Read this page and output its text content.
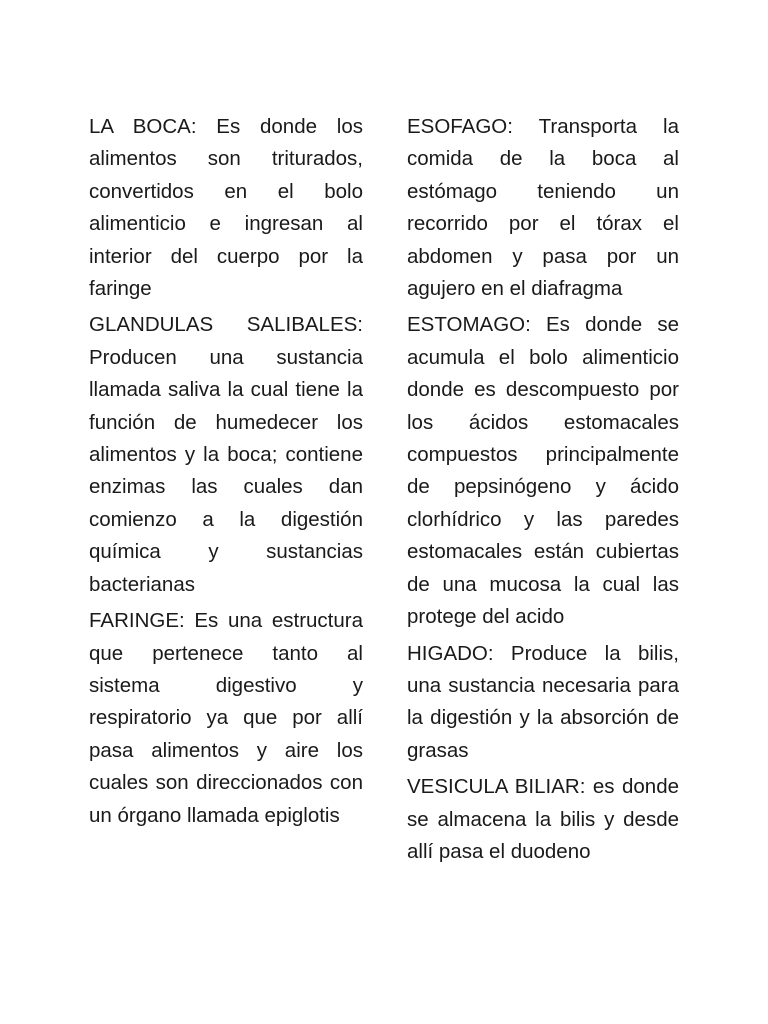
LA BOCA: Es donde los alimentos son triturados, convertidos en el bolo alimenticio e ingresan al interior del cuerpo por la faringe

GLANDULAS SALIBALES: Producen una sustancia llamada saliva la cual tiene la función de humedecer los alimentos y la boca; contiene enzimas las cuales dan comienzo a la digestión química y sustancias bacterianas

FARINGE: Es una estructura que pertenece tanto al sistema digestivo y respiratorio ya que por allí pasa alimentos y aire los cuales son direccionados con un órgano llamada epiglotis

ESOFAGO: Transporta la comida de la boca al estómago teniendo un recorrido por el tórax el abdomen y pasa por un agujero en el diafragma

ESTOMAGO: Es donde se acumula el bolo alimenticio donde es descompuesto por los ácidos estomacales compuestos principalmente de pepsinógeno y ácido clorhídrico y las paredes estomacales están cubiertas de una mucosa la cual las protege del acido

HIGADO: Produce la bilis, una sustancia necesaria para la digestión y la absorción de grasas

VESICULA BILIAR: es donde se almacena la bilis y desde allí pasa el duodeno
